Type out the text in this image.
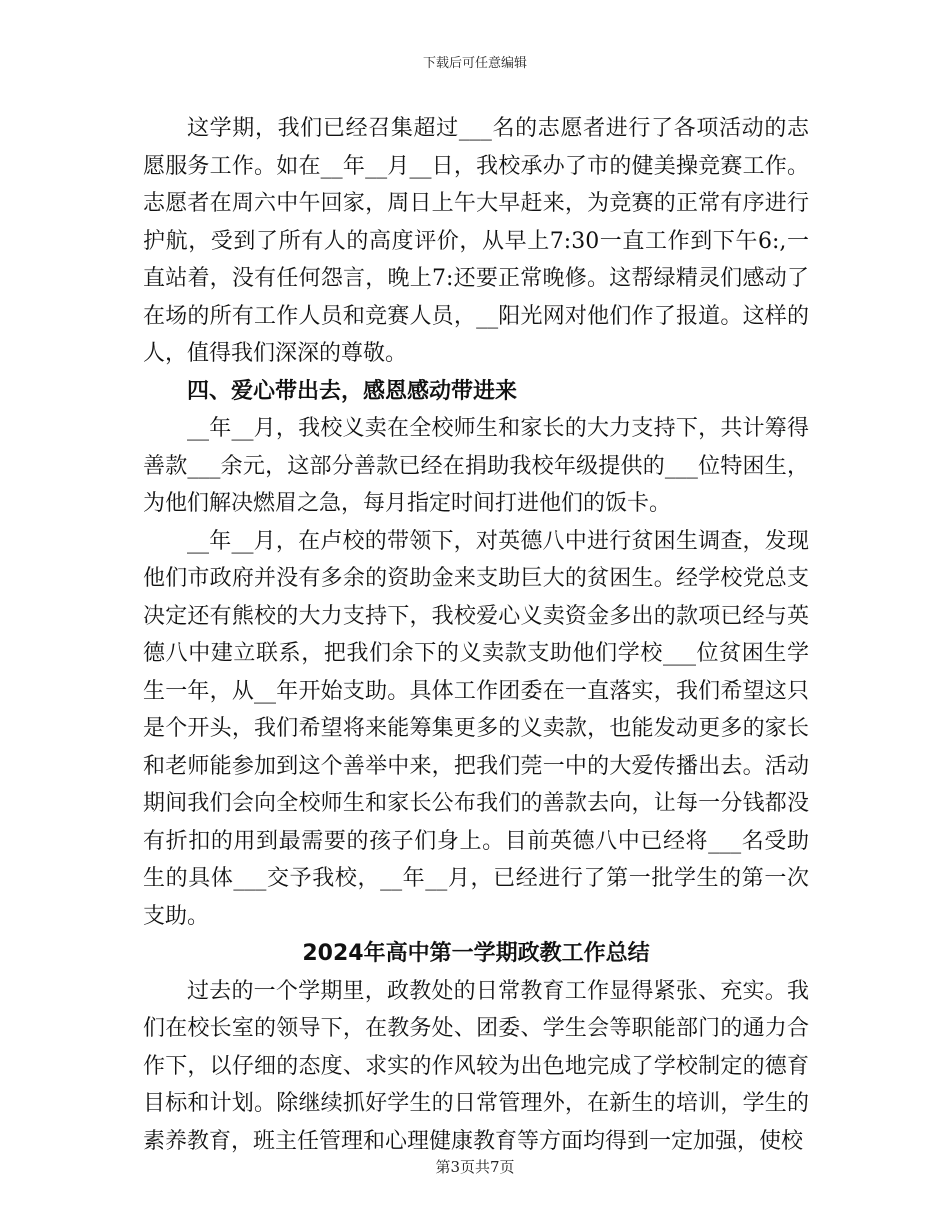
下载后可任意编辑

这学期，我们已经召集超过___名的志愿者进行了各项活动的志愿服务工作。如在__年__月__日，我校承办了市的健美操竞赛工作。志愿者在周六中午回家，周日上午大早赶来，为竞赛的正常有序进行护航，受到了所有人的高度评价，从早上7:30一直工作到下午6:,一直站着，没有任何怨言，晚上7:还要正常晚修。这帮绿精灵们感动了在场的所有工作人员和竞赛人员，__阳光网对他们作了报道。这样的人，值得我们深深的尊敬。

四、爱心带出去，感恩感动带进来

__年__月，我校义卖在全校师生和家长的大力支持下，共计筹得善款___余元，这部分善款已经在捐助我校年级提供的___位特困生，为他们解决燃眉之急，每月指定时间打进他们的饭卡。

__年__月，在卢校的带领下，对英德八中进行贫困生调查，发现他们市政府并没有多余的资助金来支助巨大的贫困生。经学校党总支决定还有熊校的大力支持下，我校爱心义卖资金多出的款项已经与英德八中建立联系，把我们余下的义卖款支助他们学校___位贫困生学生一年，从__年开始支助。具体工作团委在一直落实，我们希望这只是个开头，我们希望将来能筹集更多的义卖款，也能发动更多的家长和老师能参加到这个善举中来，把我们莞一中的大爱传播出去。活动期间我们会向全校师生和家长公布我们的善款去向，让每一分钱都没有折扣的用到最需要的孩子们身上。目前英德八中已经将___名受助生的具体___交予我校，__年__月，已经进行了第一批学生的第一次支助。

2024年高中第一学期政教工作总结

过去的一个学期里，政教处的日常教育工作显得紧张、充实。我们在校长室的领导下，在教务处、团委、学生会等职能部门的通力合作下，以仔细的态度、求实的作风较为出色地完成了学校制定的德育目标和计划。除继续抓好学生的日常管理外，在新生的培训，学生的素养教育，班主任管理和心理健康教育等方面均得到一定加强，使校

第3页共7页
